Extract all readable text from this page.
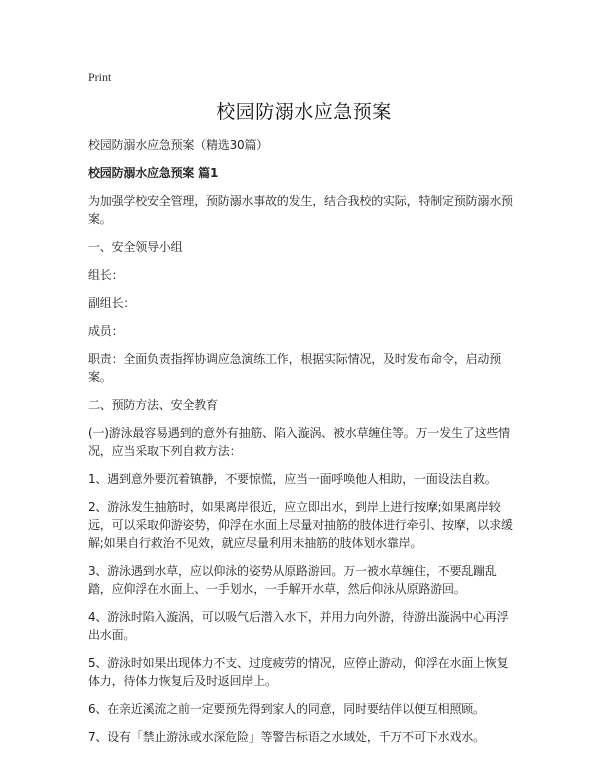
Print
校园防溺水应急预案

校园防溺水应急预案（精选30篇）

校园防溺水应急预案 篇1

为加强学校安全管理，预防溺水事故的发生，结合我校的实际，特制定预防溺水预案。

一、安全领导小组

组长：

副组长：

成员：

职责：全面负责指挥协调应急演练工作，根据实际情况，及时发布命令，启动预案。

二、预防方法、安全教育

(一)游泳最容易遇到的意外有抽筋、陷入漩涡、被水草缠住等。万一发生了这些情况，应当采取下列自救方法：

1、遇到意外要沉着镇静，不要惊慌，应当一面呼唤他人相助，一面设法自救。

2、游泳发生抽筋时，如果离岸很近，应立即出水，到岸上进行按摩;如果离岸较远，可以采取仰游姿势，仰浮在水面上尽量对抽筋的肢体进行牵引、按摩，以求缓解;如果自行救治不见效，就应尽量利用未抽筋的肢体划水靠岸。

3、游泳遇到水草，应以仰泳的姿势从原路游回。万一被水草缠住，不要乱蹦乱踏，应仰浮在水面上、一手划水，一手解开水草，然后仰泳从原路游回。

4、游泳时陷入漩涡，可以吸气后潜入水下，并用力向外游，待游出漩涡中心再浮出水面。

5、游泳时如果出现体力不支、过度疲劳的情况，应停止游动，仰浮在水面上恢复体力，待体力恢复后及时返回岸上。

6、在亲近溪流之前一定要预先得到家人的同意，同时要结伴以便互相照顾。

7、设有「禁止游泳或水深危险」等警告标语之水域处，千万不可下水戏水。
